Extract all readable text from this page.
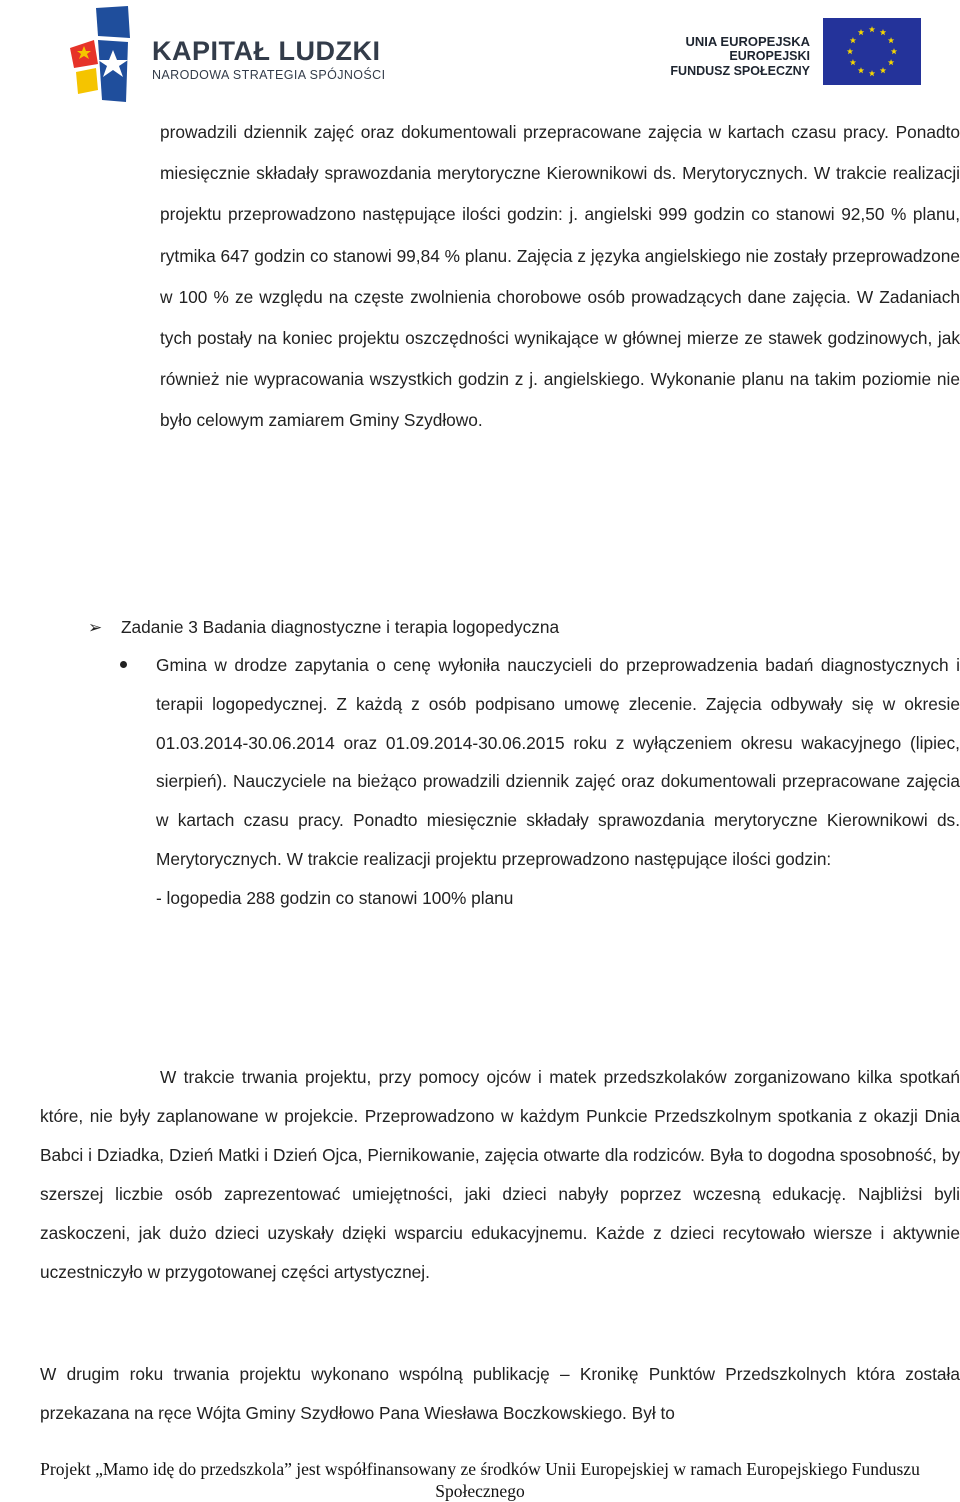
KAPITAŁ LUDZKI
NARODOWA STRATEGIA SPÓJNOŚCI
UNIA EUROPEJSKA
EUROPEJSKI
FUNDUSZ SPOŁECZNY
prowadzili dziennik zajęć oraz dokumentowali przepracowane zajęcia w kartach czasu pracy. Ponadto miesięcznie składały sprawozdania merytoryczne Kierownikowi ds. Merytorycznych. W trakcie realizacji projektu przeprowadzono następujące ilości godzin: j. angielski 999 godzin co stanowi 92,50 % planu, rytmika 647 godzin co stanowi 99,84 % planu. Zajęcia z języka angielskiego nie zostały przeprowadzone w 100 % ze względu na częste zwolnienia chorobowe osób prowadzących dane zajęcia. W Zadaniach tych postały na koniec projektu oszczędności wynikające w głównej mierze ze stawek godzinowych, jak również nie wypracowania wszystkich godzin z j. angielskiego. Wykonanie planu na takim poziomie nie było celowym zamiarem Gminy Szydłowo.
➢ Zadanie 3 Badania diagnostyczne i terapia logopedyczna
Gmina w drodze zapytania o cenę wyłoniła nauczycieli do przeprowadzenia badań diagnostycznych i terapii logopedycznej. Z każdą z osób podpisano umowę zlecenie. Zajęcia odbywały się w okresie 01.03.2014-30.06.2014 oraz 01.09.2014-30.06.2015 roku z wyłączeniem okresu wakacyjnego (lipiec, sierpień). Nauczyciele na bieżąco prowadzili dziennik zajęć oraz dokumentowali przepracowane zajęcia w kartach czasu pracy. Ponadto miesięcznie składały sprawozdania merytoryczne Kierownikowi ds. Merytorycznych. W trakcie realizacji projektu przeprowadzono następujące ilości godzin:
- logopedia 288 godzin co stanowi 100% planu
W trakcie trwania projektu, przy pomocy ojców i matek przedszkolaków zorganizowano kilka spotkań które, nie były zaplanowane w projekcie. Przeprowadzono w każdym Punkcie Przedszkolnym spotkania z okazji Dnia Babci i Dziadka, Dzień Matki i Dzień Ojca, Piernikowanie, zajęcia otwarte dla rodziców. Była to dogodna sposobność, by szerszej liczbie osób zaprezentować umiejętności, jaki dzieci nabyły poprzez wczesną edukację. Najbliżsi byli zaskoczeni, jak dużo dzieci uzyskały dzięki wsparciu edukacyjnemu. Każde z dzieci recytowało wiersze i aktywnie uczestniczyło w przygotowanej części artystycznej.
W drugim roku trwania projektu wykonano wspólną publikację – Kronikę Punktów Przedszkolnych która została przekazana na ręce Wójta Gminy Szydłowo Pana Wiesława Boczkowskiego. Był to
Projekt „Mamo idę do przedszkola” jest współfinansowany ze środków Unii Europejskiej w ramach Europejskiego Funduszu Społecznego
